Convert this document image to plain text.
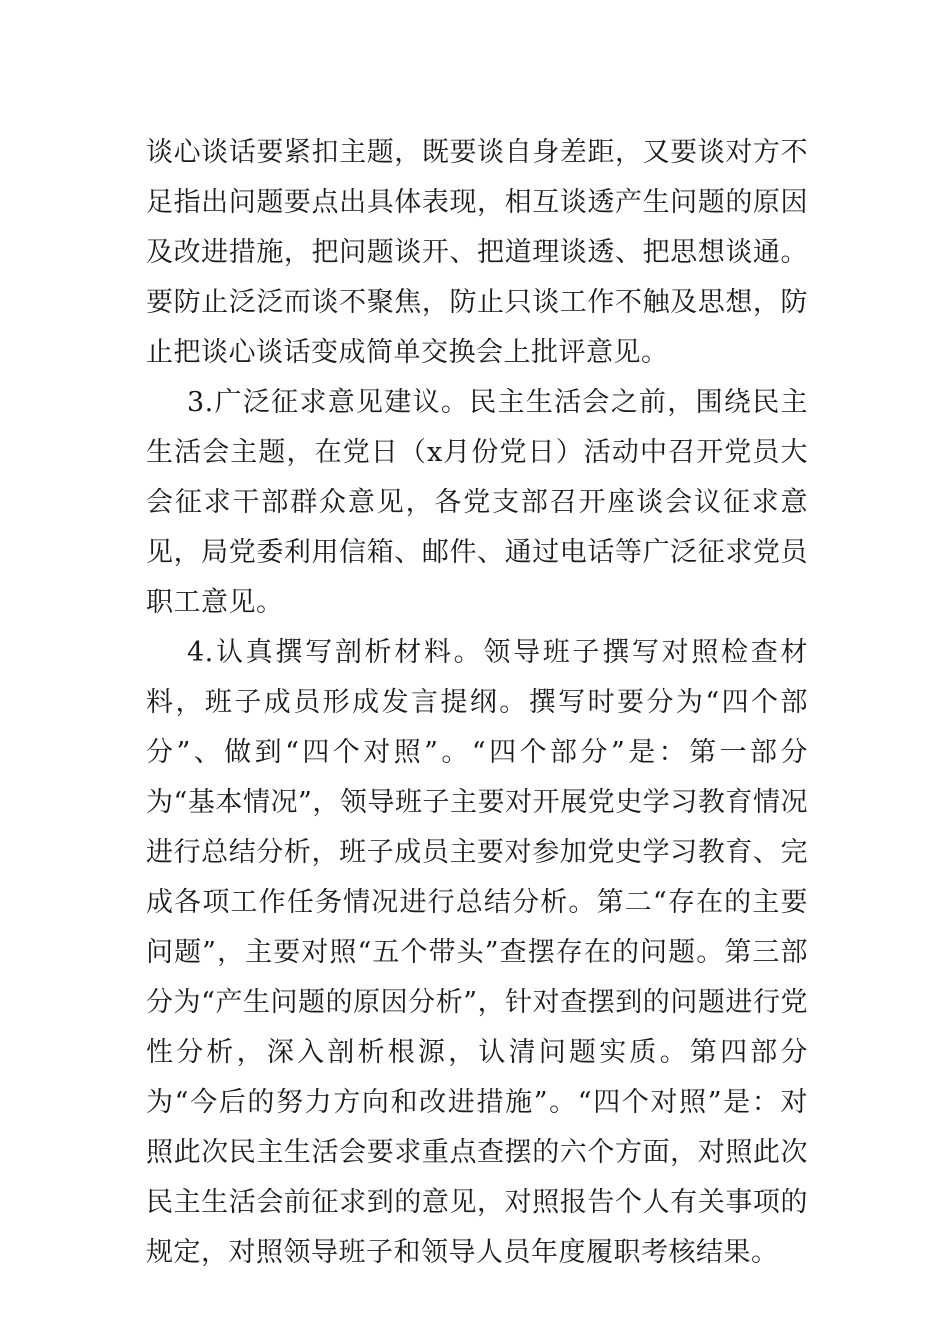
谈心谈话要紧扣主题，既要谈自身差距，又要谈对方不足指出问题要点出具体表现，相互谈透产生问题的原因及改进措施，把问题谈开、把道理谈透、把思想谈通。要防止泛泛而谈不聚焦，防止只谈工作不触及思想，防止把谈心谈话变成简单交换会上批评意见。

3.广泛征求意见建议。民主生活会之前，围绕民主生活会主题，在党日（x月份党日）活动中召开党员大会征求干部群众意见，各党支部召开座谈会议征求意见，局党委利用信箱、邮件、通过电话等广泛征求党员职工意见。

4.认真撰写剖析材料。领导班子撰写对照检查材料，班子成员形成发言提纲。撰写时要分为“四个部分”、做到“四个对照”。“四个部分”是：第一部分为“基本情况”，领导班子主要对开展党史学习教育情况进行总结分析，班子成员主要对参加党史学习教育、完成各项工作任务情况进行总结分析。第二“存在的主要问题”，主要对照“五个带头”查摆存在的问题。第三部分为“产生问题的原因分析”，针对查摆到的问题进行党性分析，深入剖析根源，认清问题实质。第四部分为“今后的努力方向和改进措施”。“四个对照”是：对照此次民主生活会要求重点查摆的六个方面，对照此次民主生活会前征求到的意见，对照报告个人有关事项的规定，对照领导班子和领导人员年度履职考核结果。
